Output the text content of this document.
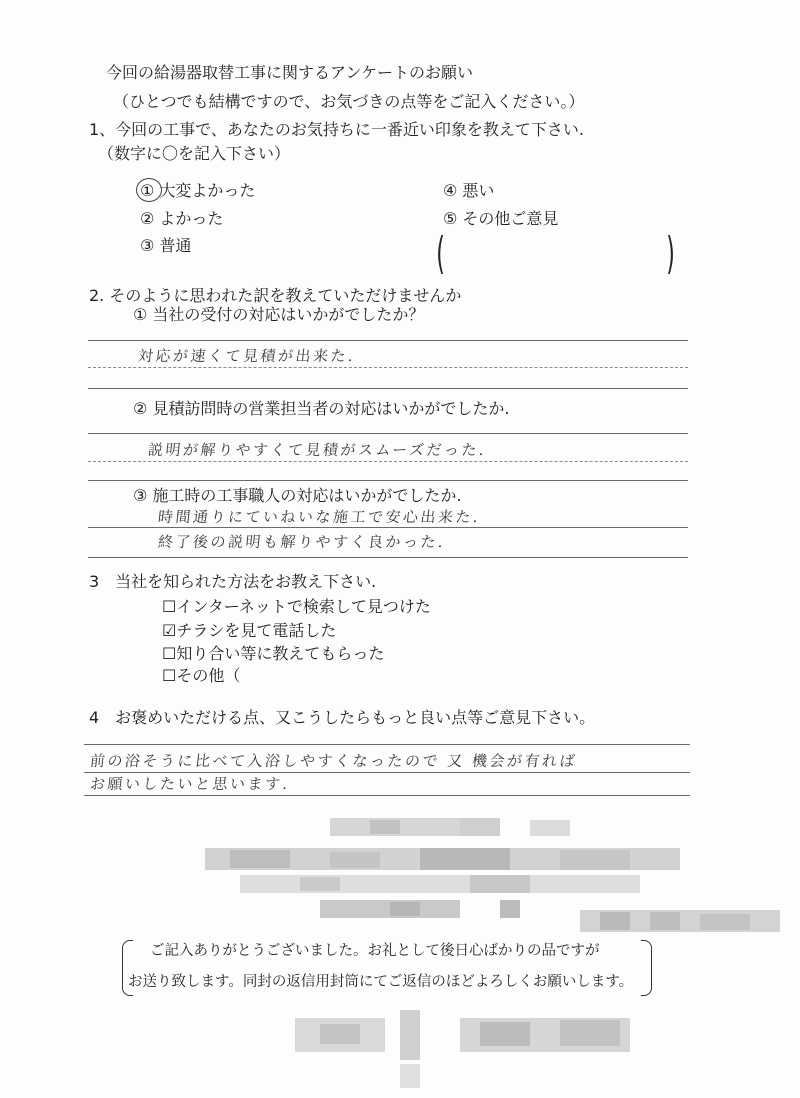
今回の給湯器取替工事に関するアンケートのお願い
（ひとつでも結構ですので、お気づきの点等をご記入ください。）
1、今回の工事で、あなたのお気持ちに一番近い印象を教えて下さい.
（数字に〇を記入下さい）
① 大変よかった
② よかった
③ 普通
④ 悪い
⑤ その他ご意見
(	)
2. そのように思われた訳を教えていただけませんか
① 当社の受付の対応はいかがでしたか？
対応が速くて見積が出来た.
② 見積訪問時の営業担当者の対応はいかがでしたか.
説明が解りやすくて見積がスムーズだった.
③ 施工時の工事職人の対応はいかがでしたか.
時間通りにていねいな施工で安心出来た.
終了後の説明も解りやすく良かった.
3　当社を知られた方法をお教え下さい.
☐インターネットで検索して見つけた
☑チラシを見て電話した
☐知り合い等に教えてもらった
☐その他（
4　お褒めいただける点、又こうしたらもっと良い点等ご意見下さい。
前の浴そうに比べて入浴しやすくなったので 又 機会が有れば
お願いしたいと思います.
ご記入ありがとうございました。お礼として後日心ばかりの品ですが
お送り致します。同封の返信用封筒にてご返信のほどよろしくお願いします。
